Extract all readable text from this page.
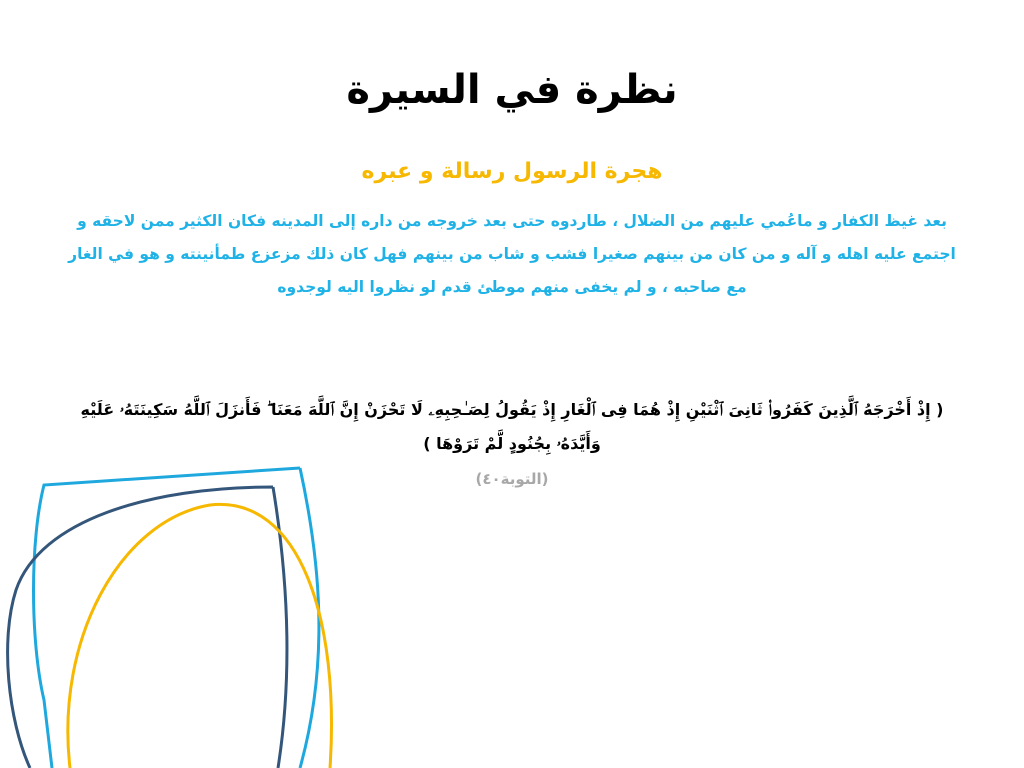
نظرة في السيرة
هجرة الرسول رسالة و عبره
بعد غيظ الكفار و ماعُمي عليهم من الضلال ، طاردوه حتى بعد خروجه من داره إلى المدينه فكان الكثير ممن لاحقه و اجتمع عليه اهله و آله و من كان من بينهم صغيرا فشب و شاب من بينهم فهل كان ذلك مزعزع طمأنينته و هو في الغار مع صاحبه ، و لم يخفى منهم موطئ قدم لو نظروا اليه لوجدوه
( إِذْ أَخْرَجَهُ ٱلَّذِينَ كَفَرُوا۟ ثَانِىَ ٱثْنَيْنِ إِذْ هُمَا فِى ٱلْغَارِ إِذْ يَقُولُ لِصَـٰحِبِهِۦ لَا تَحْزَنْ إِنَّ ٱللَّهَ مَعَنَا ۖ فَأَنزَلَ ٱللَّهُ سَكِينَتَهُۥ عَلَيْهِ وَأَيَّدَهُۥ بِجُنُودٍ لَّمْ تَرَوْهَا )
(التوبة٤٠)
